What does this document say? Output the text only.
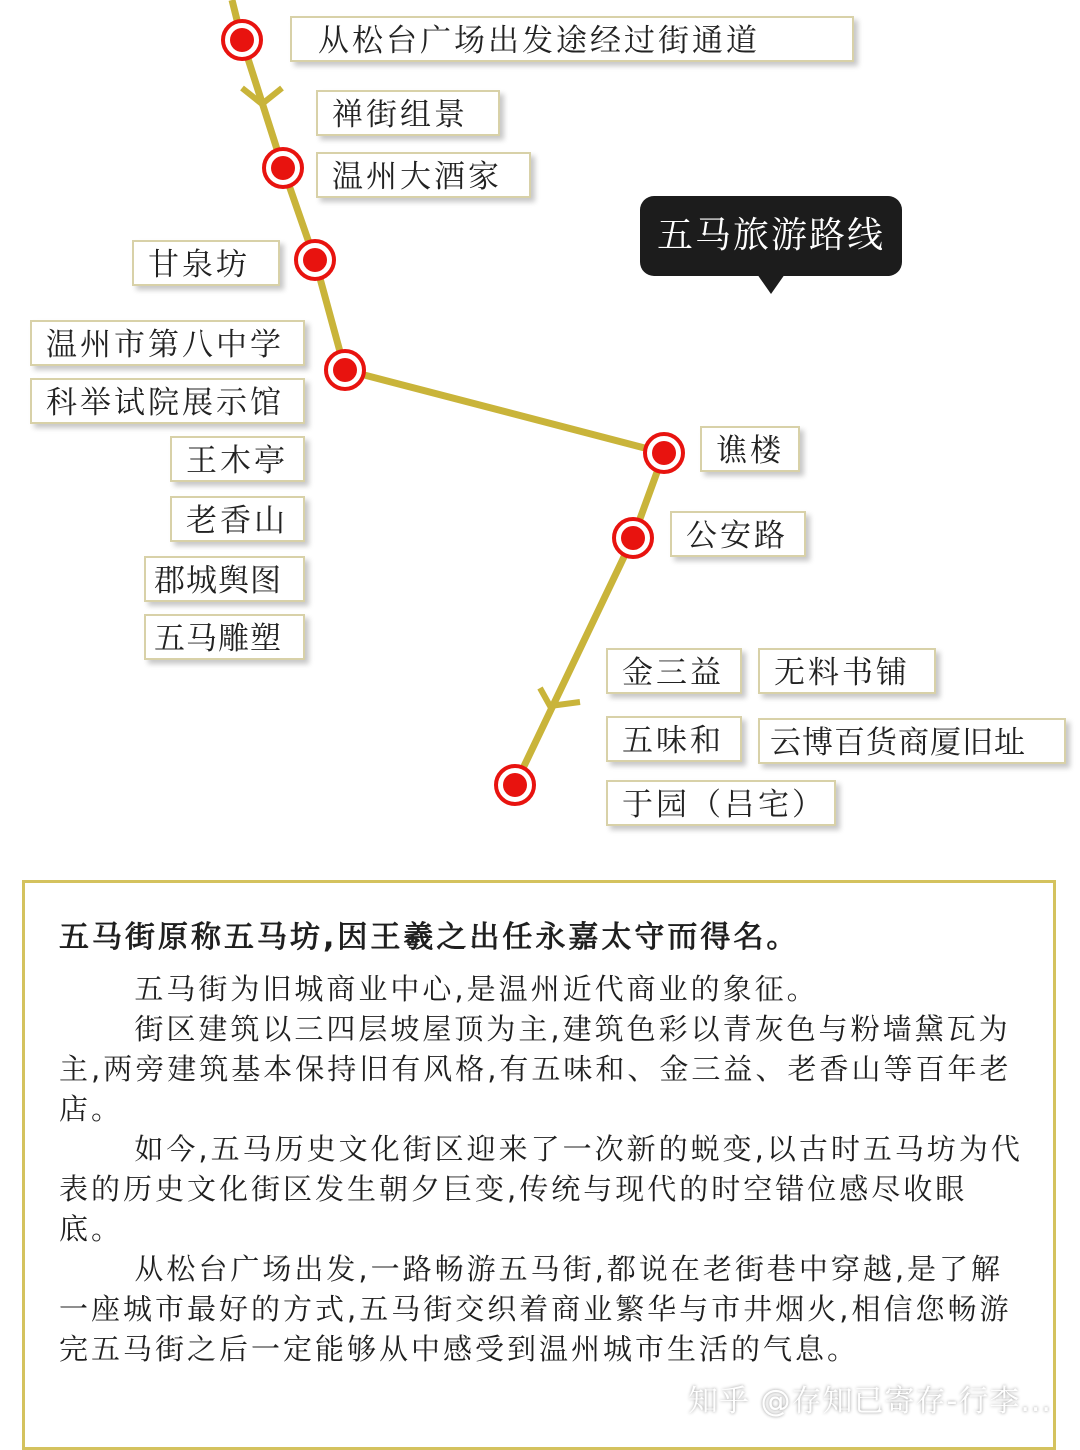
五马旅游路线
从松台广场出发途经过街通道
禅街组景
温州大酒家
甘泉坊
温州市第八中学
科举试院展示馆
王木亭
老香山
郡城舆图
五马雕塑
谯楼
公安路
金三益	无料书铺
五味和	云博百货商厦旧址
于园（吕宅）
五马街原称五马坊,因王羲之出任永嘉太守而得名。

五马街为旧城商业中心,是温州近代商业的象征。

街区建筑以三四层坡屋顶为主,建筑色彩以青灰色与粉墙黛瓦为主,两旁建筑基本保持旧有风格,有五味和、金三益、老香山等百年老店。

如今,五马历史文化街区迎来了一次新的蜕变,以古时五马坊为代表的历史文化街区发生朝夕巨变,传统与现代的时空错位感尽收眼底。

从松台广场出发,一路畅游五马街,都说在老街巷中穿越,是了解一座城市最好的方式,五马街交织着商业繁华与市井烟火,相信您畅游完五马街之后一定能够从中感受到温州城市生活的气息。

知乎 @存知已寄存-行李...
